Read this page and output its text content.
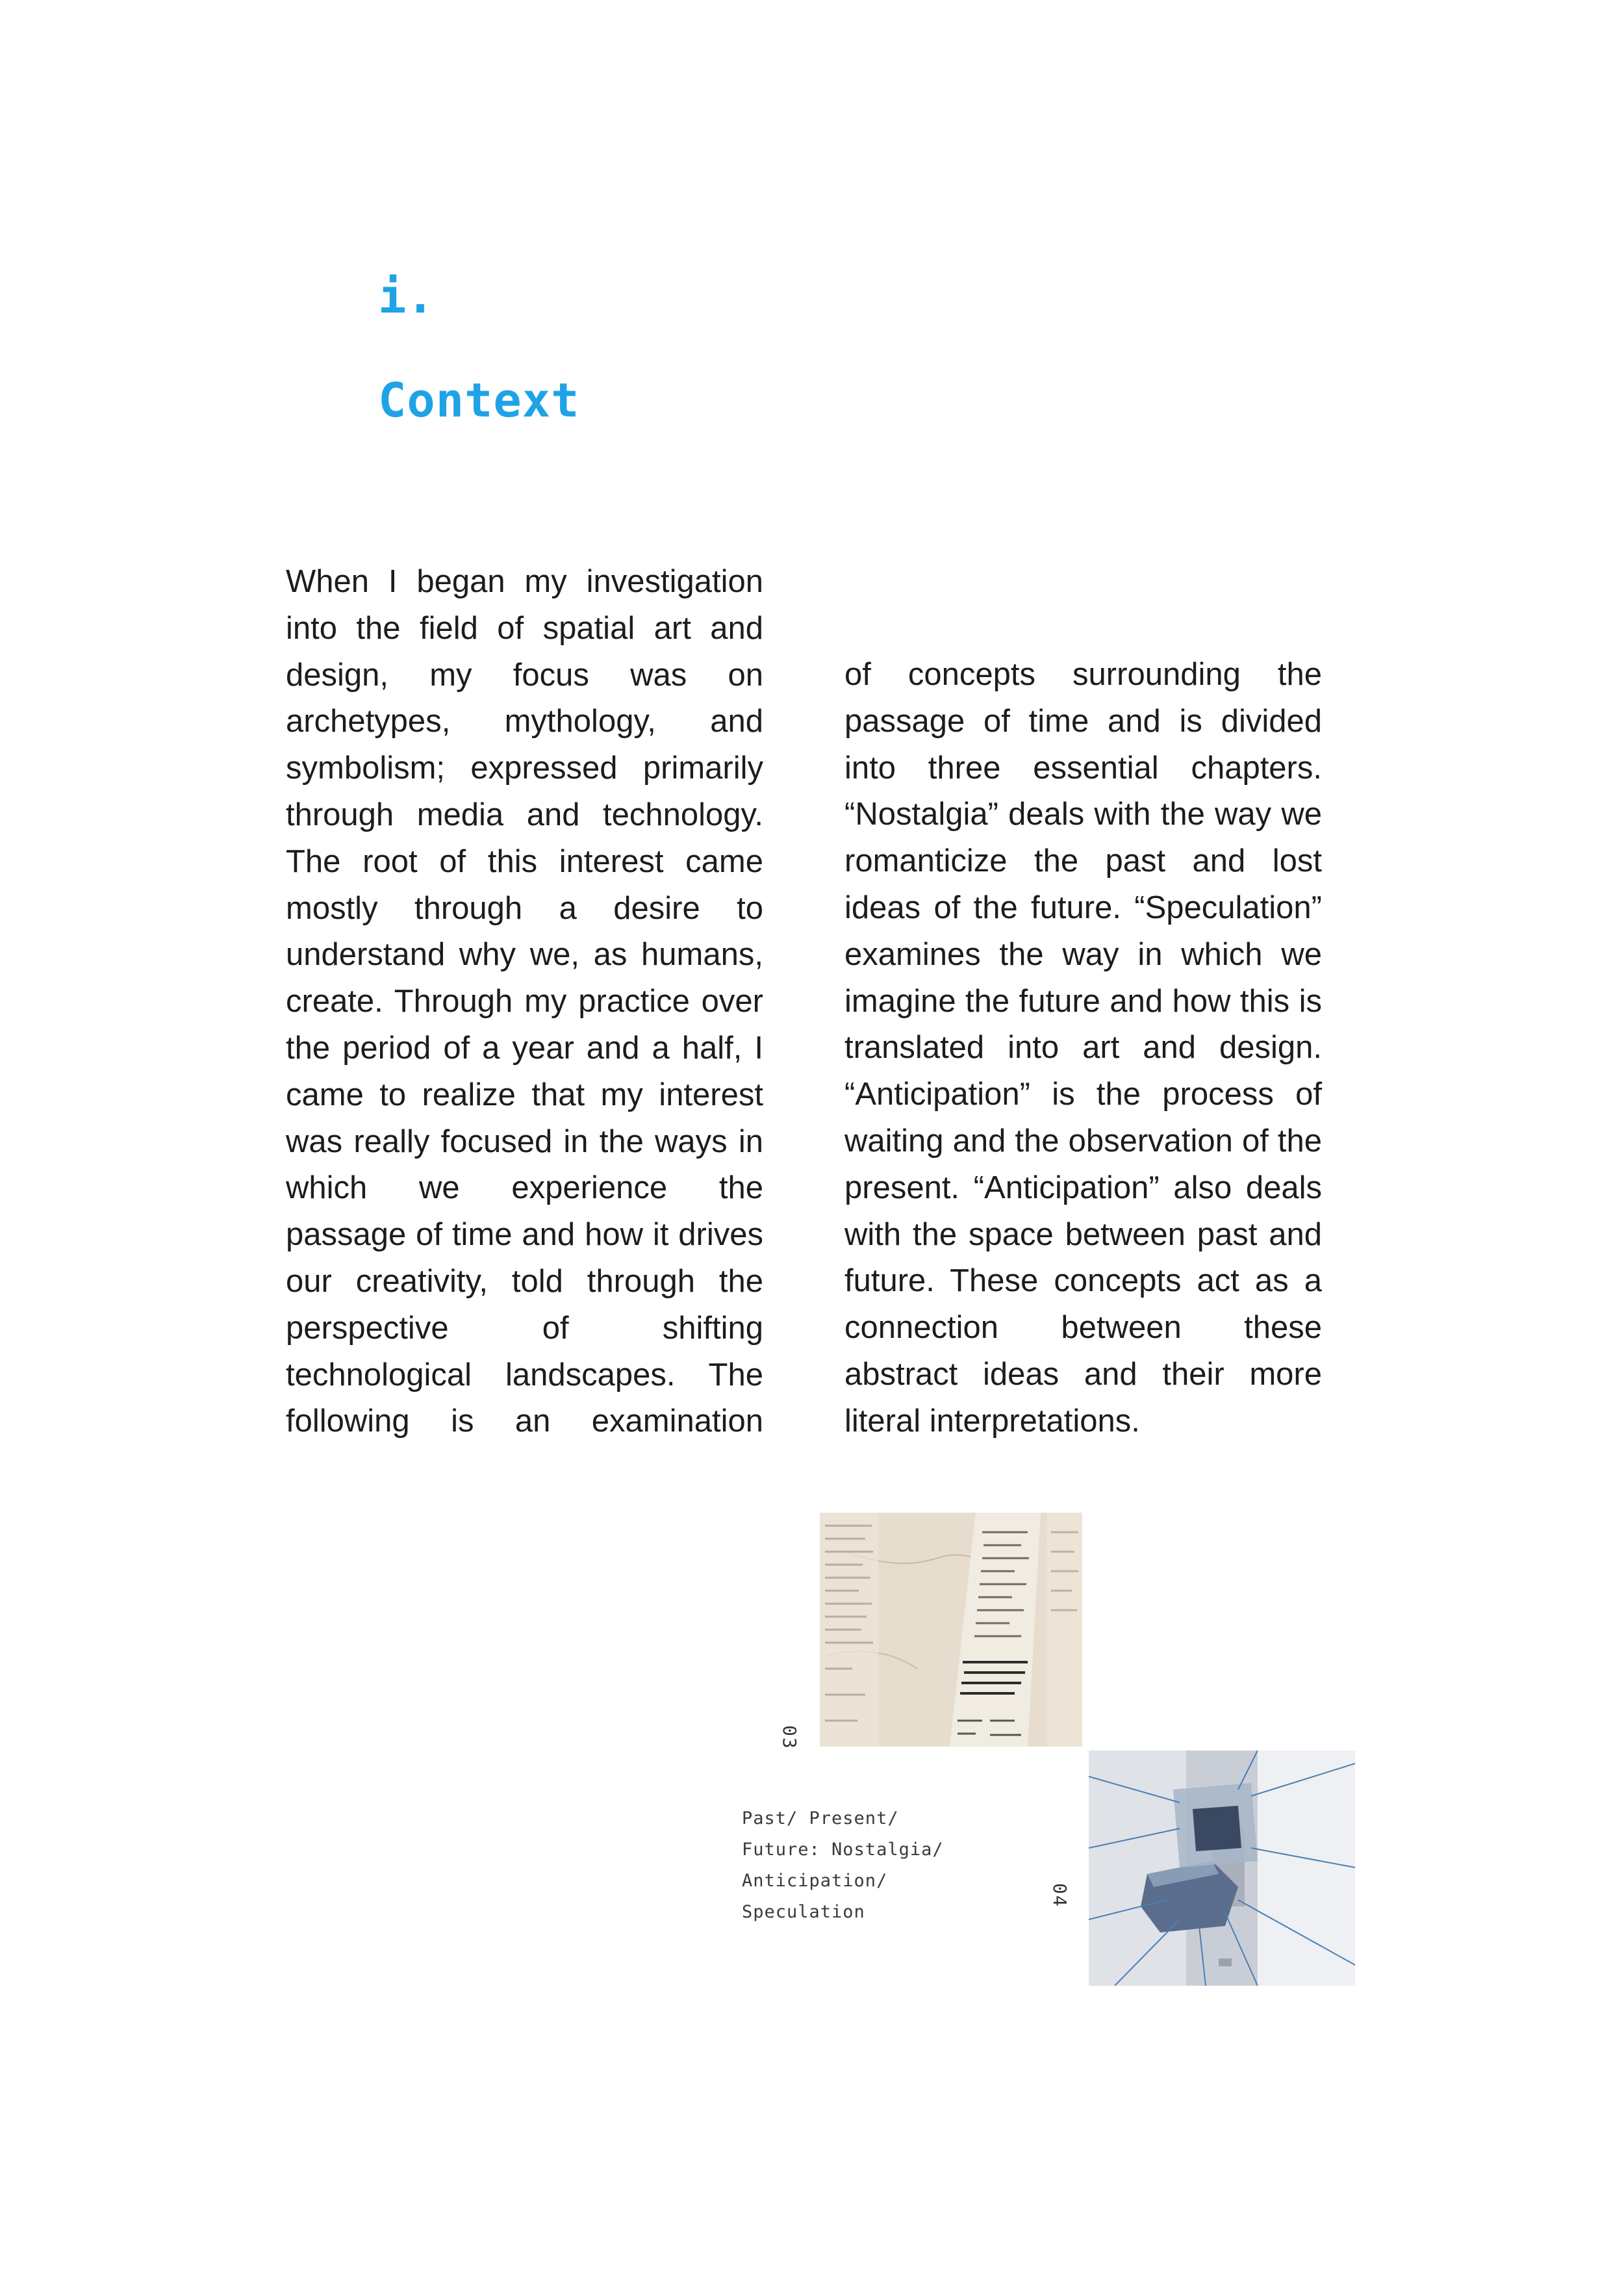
i.
Context

When I began my investigation into the field of spatial art and design, my focus was on archetypes, mythology, and symbolism; expressed primarily through media and technology. The root of this interest came mostly through a desire to understand why we, as humans, create. Through my practice over the period of a year and a half, I came to realize that my interest was really focused in the ways in which we experience the passage of time and how it drives our creativity, told through the perspective of shifting technological landscapes. The following is an examination

of concepts surrounding the passage of time and is divided into three essential chapters. “Nostalgia” deals with the way we romanticize the past and lost ideas of the future. “Speculation” examines the way in which we imagine the future and how this is translated into art and design. “Anticipation” is the process of waiting and the observation of the present. “Anticipation” also deals with the space between past and future. These concepts act as a connection between these abstract ideas and their more literal interpretations.

03
04
Past/ Present/
Future: Nostalgia/
Anticipation/
Speculation
